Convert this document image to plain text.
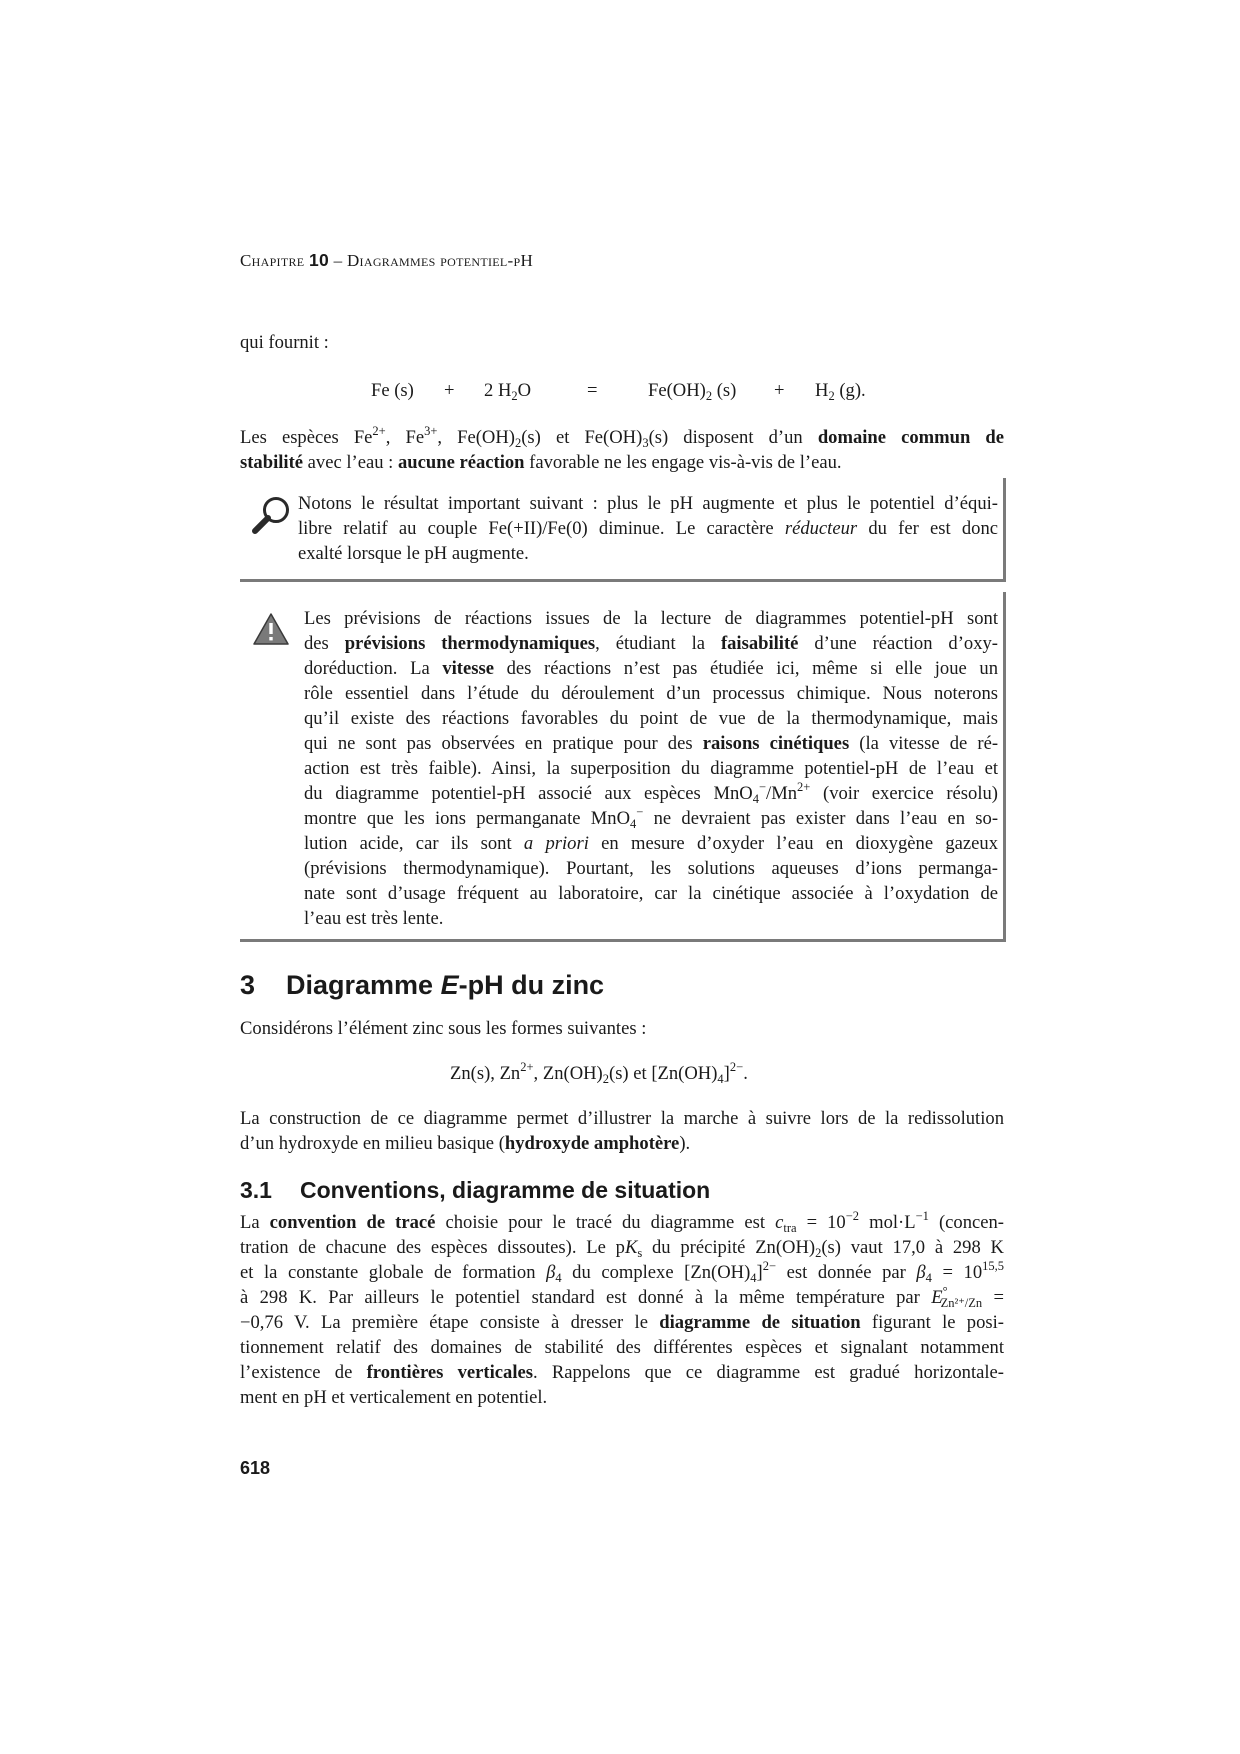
Chapitre 10 – Diagrammes potentiel-pH
qui fournit :
Fe (s) + 2 $H_2O$	=	$Fe(OH)_2$ $(s) + H_2$ (g).
Les espèces $Fe^{2+}$, $Fe^{3+}$, $Fe(OH)_2(s)$ et $Fe(OH)_3(s)$ disposent d’un domaine commun de
stabilité avec l’eau : aucune réaction favorable ne les engage vis-à-vis de l’eau.
Notons le résultat important suivant : plus le pH augmente et plus le potentiel d’équi-
libre relatif au couple Fe(+II)/Fe(0) diminue. Le caractère réducteur du fer est donc
exalté lorsque le pH augmente.
Les prévisions de réactions issues de la lecture de diagrammes potentiel-pH sont
des prévisions thermodynamiques, étudiant la faisabilité d’une réaction d’oxy-
doréduction. La vitesse des réactions n’est pas étudiée ici, même si elle joue un
rôle essentiel dans l’étude du déroulement d’un processus chimique. Nous noterons
qu’il existe des réactions favorables du point de vue de la thermodynamique, mais
qui ne sont pas observées en pratique pour des raisons cinétiques (la vitesse de ré-
action est très faible). Ainsi, la superposition du diagramme potentiel-pH de l’eau et
du diagramme potentiel-pH associé aux espèces $MnO_4^-/Mn^{2+}$ (voir exercice résolu)
montre que les ions permanganate MnO$_4$− ne devraient pas exister dans l’eau en so-
lution acide, car ils sont a priori en mesure d’oxyder l’eau en dioxygène gazeux
(prévisions thermodynamique). Pourtant, les solutions aqueuses d’ions permanga-
nate sont d’usage fréquent au laboratoire, car la cinétique associée à l’oxydation de
l’eau est très lente.
3 Diagramme E-pH du zinc
Considérons l’élément zinc sous les formes suivantes :
Zn(s), $Zn^{2+}$, $Zn(OH)_2(s)$ et $[Zn(OH)_4]^{2-}$.
La construction de ce diagramme permet d’illustrer la marche à suivre lors de la redissolution
d’un hydroxyde en milieu basique (hydroxyde amphotère).
3.1 Conventions, diagramme de situation
La convention de tracé choisie pour le tracé du diagramme est $c_{tra} = 10^{-2}$ $mol\cdot L^{-1}$ (concen-
tration de chacune des espèces dissoutes). Le $pK_s$ du précipité $Zn(OH)_2(s)$ vaut 17,0 à 298 K
et la constante globale de formation $\beta_4$ du complexe $[Zn(OH)_4]^{2-}$ est donnée par $\beta_4 = 10^{15,5}$
à 298 K. Par ailleurs le potentiel standard est donné à la même température par $E^\circ_{Zn^{2+}/Zn}$ =
−0,76 V. La première étape consiste à dresser le diagramme de situation figurant le posi-
tionnement relatif des domaines de stabilité des différentes espèces et signalant notamment
l’existence de frontières verticales. Rappelons que ce diagramme est gradué horizontale-
ment en pH et verticalement en potentiel.
618
